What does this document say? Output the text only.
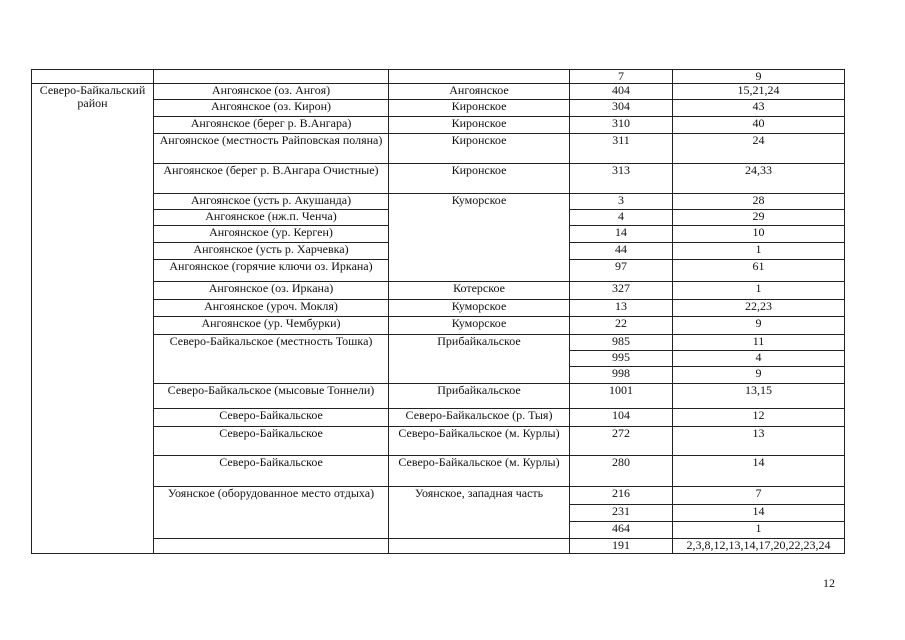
			7	9
Северо-Байкальский район	Ангоянское (оз. Ангоя)	Ангоянское	404	15,21,24
	Ангоянское (оз. Кирон)	Киронское	304	43
	Ангоянское (берег р. В.Ангара)	Киронское	310	40
	Ангоянское (местность Райповская поляна)	Киронское	311	24
	Ангоянское (берег р. В.Ангара Очистные)	Киронское	313	24,33
	Ангоянское (усть р. Акушанда)	Куморское	3	28
	Ангоянское (нж.п. Ченча)		4	29
	Ангоянское (ур. Керген)		14	10
	Ангоянское (усть р. Харчевка)		44	1
	Ангоянское (горячие ключи оз. Иркана)		97	61
	Ангоянское (оз. Иркана)	Котерское	327	1
	Ангоянское (уроч. Мокля)	Куморское	13	22,23
	Ангоянское (ур. Чембурки)	Куморское	22	9
	Северо-Байкальское (местность Тошка)	Прибайкальское	985	11
			995	4
			998	9
	Северо-Байкальское (мысовые Тоннели)	Прибайкальское	1001	13,15
	Северо-Байкальское	Северо-Байкальское (р. Тыя)	104	12
	Северо-Байкальское	Северо-Байкальское (м. Курлы)	272	13
	Северо-Байкальское	Северо-Байкальское (м. Курлы)	280	14
	Уоянское (оборудованное место отдыха)	Уоянское, западная часть	216	7
			231	14
			464	1
			191	2,3,8,12,13,14,17,20,22,23,24
12
